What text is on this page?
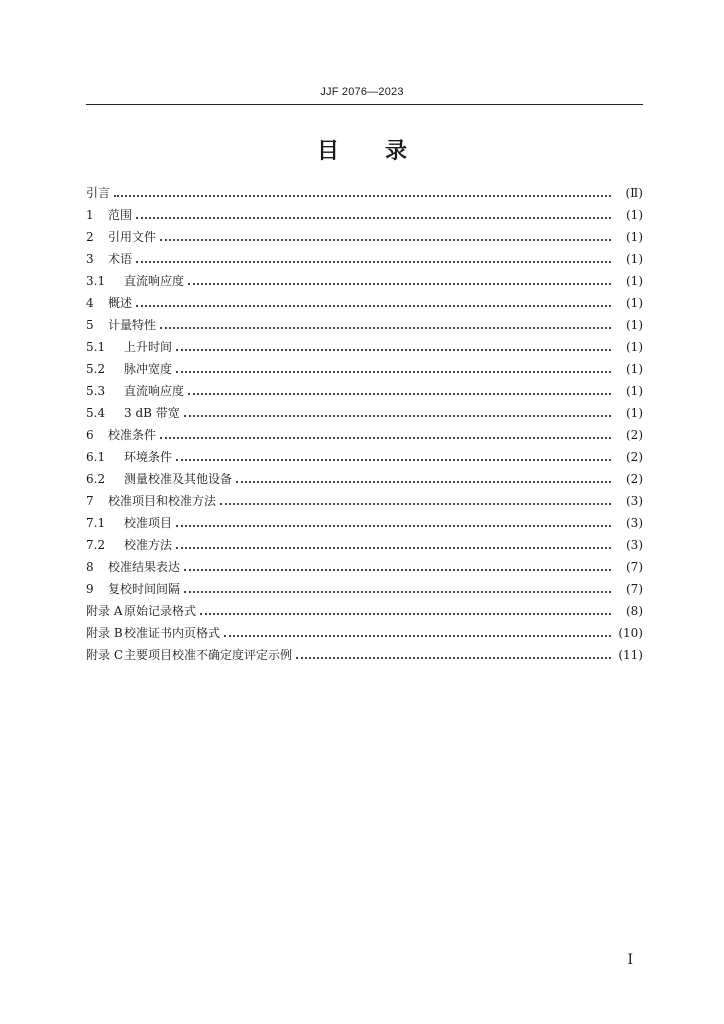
JJF 2076—2023
目 录
引言	(Ⅱ)
1	范围	(1)
2	引用文件	(1)
3	术语	(1)
3.1	直流响应度	(1)
4	概述	(1)
5	计量特性	(1)
5.1	上升时间	(1)
5.2	脉冲宽度	(1)
5.3	直流响应度	(1)
5.4	3 dB 带宽	(1)
6	校准条件	(2)
6.1	环境条件	(2)
6.2	测量校准及其他设备	(2)
7	校准项目和校准方法	(3)
7.1	校准项目	(3)
7.2	校准方法	(3)
8	校准结果表达	(7)
9	复校时间间隔	(7)
附录 A 原始记录格式	(8)
附录 B 校准证书内页格式	(10)
附录 C 主要项目校准不确定度评定示例	(11)
I
